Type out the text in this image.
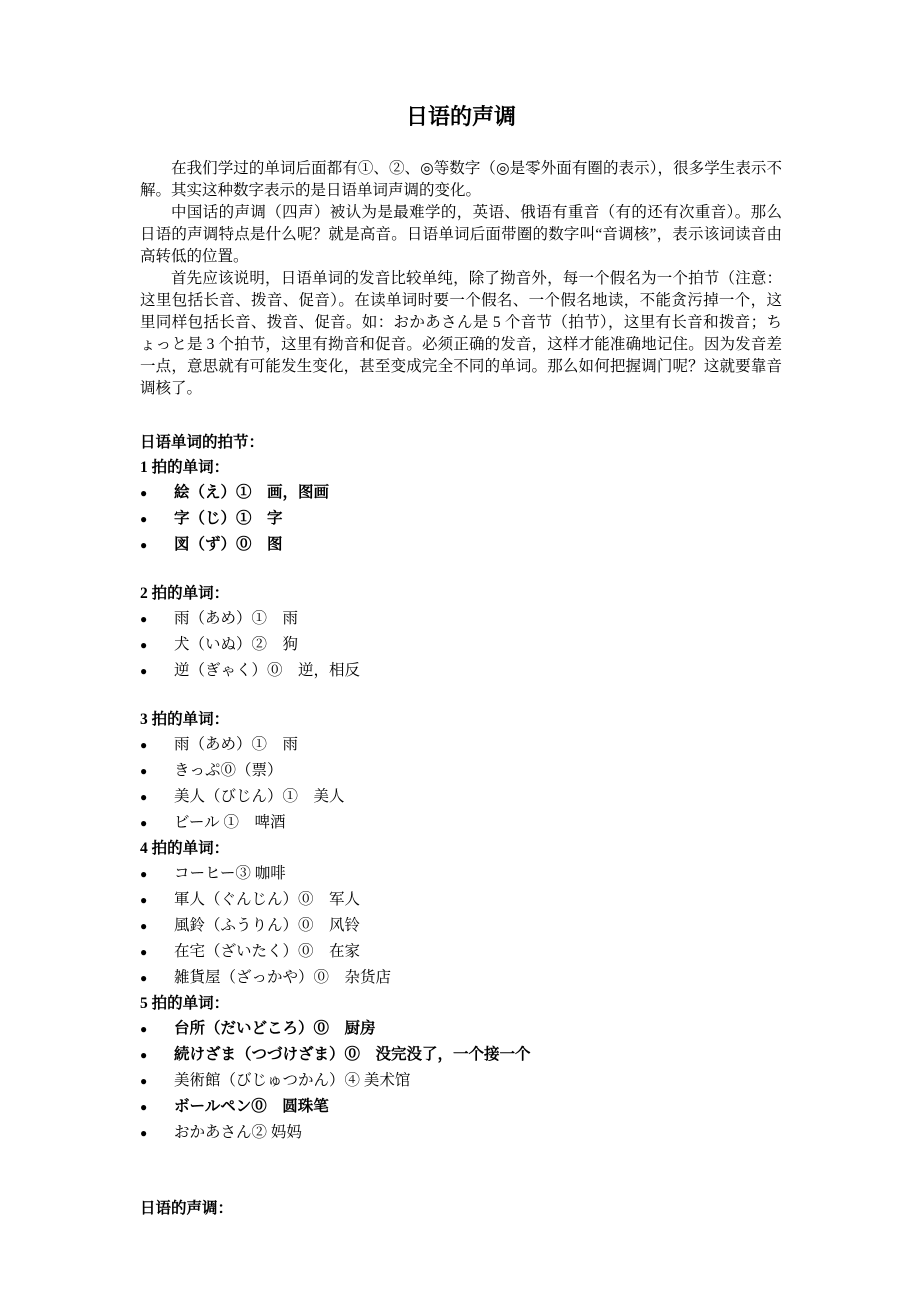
日语的声调

在我们学过的单词后面都有①、②、◎等数字（◎是零外面有圈的表示），很多学生表示不解。其实这种数字表示的是日语单词声调的变化。

中国话的声调（四声）被认为是最难学的，英语、俄语有重音（有的还有次重音）。那么日语的声调特点是什么呢？就是高音。日语单词后面带圈的数字叫“音调核”，表示该词读音由高转低的位置。

首先应该说明，日语单词的发音比较单纯，除了拗音外，每一个假名为一个拍节（注意：这里包括长音、拨音、促音）。在读单词时要一个假名、一个假名地读，不能贪污掉一个，这里同样包括长音、拨音、促音。如：おかあさん是 5 个音节（拍节），这里有长音和拨音；ちょっと是 3 个拍节，这里有拗音和促音。必须正确的发音，这样才能准确地记住。因为发音差一点，意思就有可能发生变化，甚至变成完全不同的单词。那么如何把握调门呢？这就要靠音调核了。

日语单词的拍节：
1 拍的单词：
●	絵（え）①　画，图画
●	字（じ）①　字
●	図（ず）⓪　图
2 拍的单词：
●	雨（あめ）①　雨
●	犬（いぬ）②　狗
●	逆（ぎゃく）⓪　逆，相反
3 拍的单词：
●	雨（あめ）①　雨
●	きっぷ⓪（票）
●	美人（びじん）①　美人
●	ビール ①　啤酒
4 拍的单词：
●	コーヒー③ 咖啡
●	軍人（ぐんじん）⓪　军人
●	風鈴（ふうりん）⓪　风铃
●	在宅（ざいたく）⓪　在家
●	雑貨屋（ざっかや）⓪　杂货店
5 拍的单词：
●	台所（だいどころ）⓪　厨房
●	続けざま（つづけざま）⓪　没完没了，一个接一个
●	美術館（びじゅつかん）④ 美术馆
●	ボールペン⓪　圆珠笔
●	おかあさん② 妈妈
日语的声调：
